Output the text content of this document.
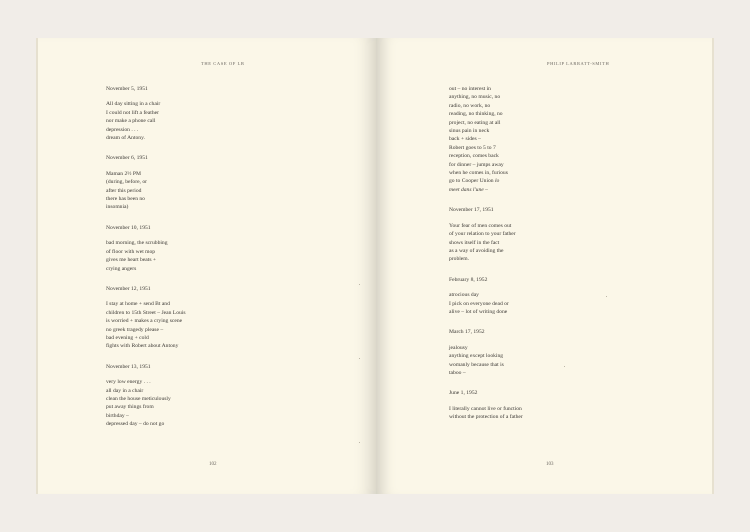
THE CASE OF LB
November 5, 1951
All day sitting in a chair
I could not lift a feather
nor make a phone call
depression . . .
dream of Antony.
November 6, 1951
Maman 2½ PM
(during, before, or
after this period
there has been no
insomnia)
November 10, 1951
bad morning, the scrubbing
of floor with wet mop
gives me heart beats +
crying angers
November 12, 1951
I stay at home + send Bt and
children to 15th Street – Jean Louis
is worried + makes a crying scene
no greek tragedy please –
bad evening + cold
fights with Robert about Antony
November 13, 1951
very low energy . . .
all day in a chair
clean the house meticulously
put away things from
birthday –
depressed day – do not go
102
PHILIP LARRATT-SMITH
out – no interest in
anything, no music, no
radio, no work, no
reading, no thinking, no
project, no eating at all
sinus pain in neck
back + sides –
Robert goes to 5 to 7
reception, comes back
for dinner – jumps away
when he comes in, furious
go to Cooper Union lo
meet dans l'une –
November 17, 1951
Your fear of men comes out
of your relation to your father
shows itself in the fact
as a way of avoiding the
problem.
February 8, 1952
atrocious day
I pick on everyone dead or
alive – lot of writing done
March 17, 1952
jealousy
anything except looking
womanly because that is
taboo –
June 1, 1952
I literally cannot live or function
without the protection of a father
103
